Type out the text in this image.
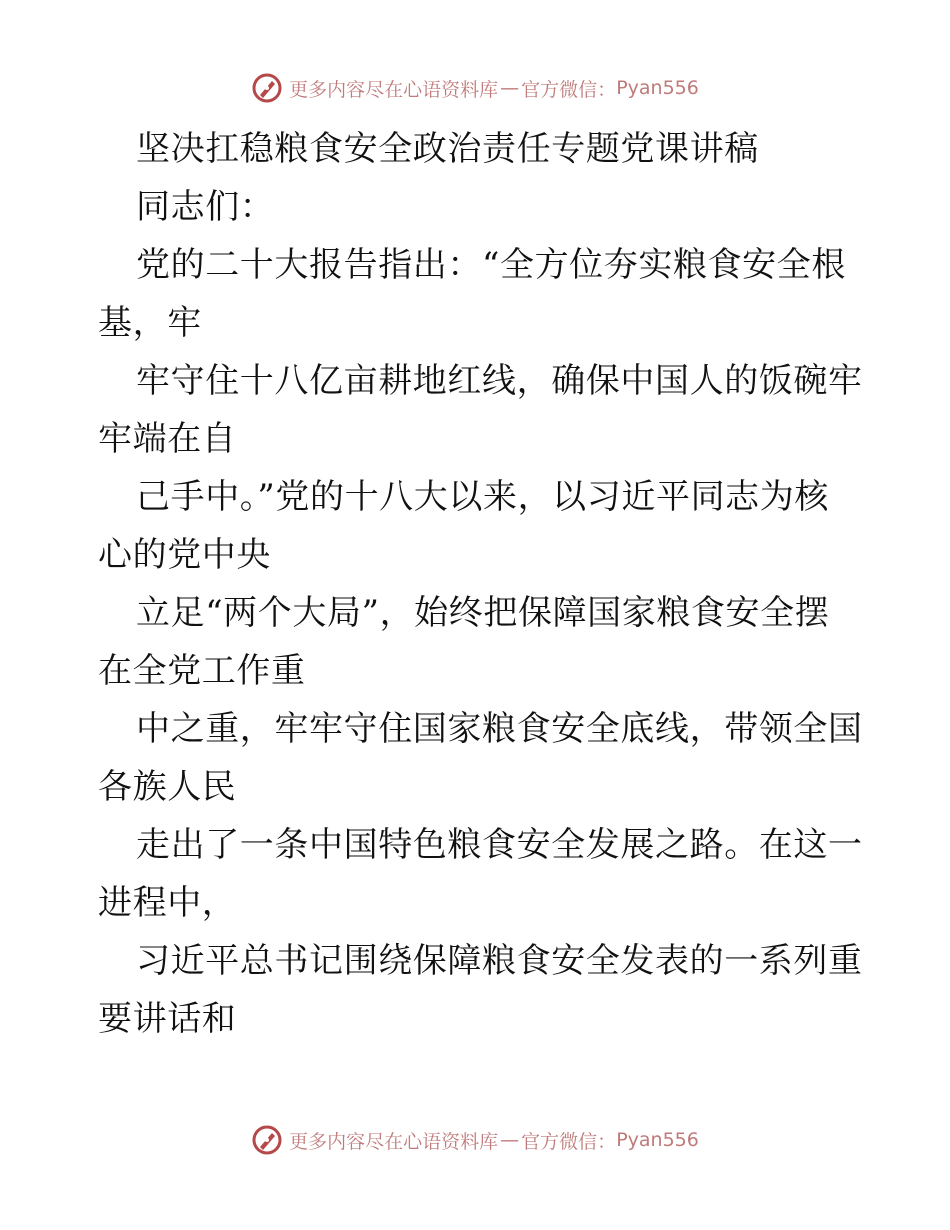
更多内容尽在心语资料库 — 官方微信： Pyan556
坚决扛稳粮食安全政治责任专题党课讲稿
同志们：
党的二十大报告指出：“全方位夯实粮食安全根
基，牢
牢守住十八亿亩耕地红线，确保中国人的饭碗牢
牢端在自
己手中。”党的十八大以来，以习近平同志为核
心的党中央
立足“两个大局”，始终把保障国家粮食安全摆
在全党工作重
中之重，牢牢守住国家粮食安全底线，带领全国
各族人民
走出了一条中国特色粮食安全发展之路。在这一
进程中，
习近平总书记围绕保障粮食安全发表的一系列重
要讲话和
更多内容尽在心语资料库 — 官方微信： Pyan556
